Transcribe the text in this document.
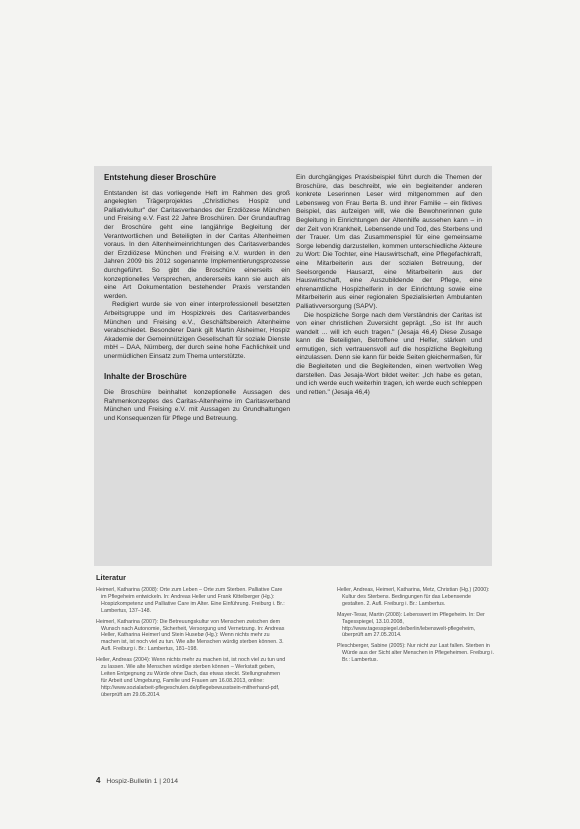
Entstehung dieser Broschüre

Entstanden ist das vorliegende Heft im Rahmen des groß angelegten Trägerprojektes „Christliches Hospiz und Palliativkultur" der Caritasverbandes der Erzdiözese München und Freising e.V. Fast 22 Jahre Broschüren. Der Grundauftrag der Broschüre geht eine langjährige Begleitung der Verantwortlichen und Beteiligten in der Caritas Altenheimen voraus. In den Altenheimeinrichtungen des Caritasverbandes der Erzdiözese München und Freising e.V. wurden in den Jahren 2009 bis 2012 sogenannte Implementierungsprozesse durchgeführt. So gibt die Broschüre einerseits ein konzeptionelles Versprechen, andererseits kann sie auch als eine Art Dokumentation bestehender Praxis verstanden werden.

Redigiert wurde sie von einer interprofessionell besetzten Arbeitsgruppe und im Hospizkreis des Caritasverbandes München und Freising e.V., Geschäftsbereich Altenheime verabschiedet. Besonderer Dank gilt Martin Alsheimer, Hospiz Akademie der Gemeinnützigen Gesellschaft für soziale Dienste mbH – DAA, Nürnberg, der durch seine hohe Fachlichkeit und unermüdlichen Einsatz zum Thema unterstützte.

Inhalte der Broschüre

Die Broschüre beinhaltet konzeptionelle Aussagen des Rahmenkonzeptes des Caritas-Altenheime im Caritasverband München und Freising e.V. mit Aussagen zu Grundhaltungen und Konsequenzen für Pflege und Betreuung.

Ein durchgängiges Praxisbeispiel führt durch die Themen der Broschüre, das beschreibt, wie ein begleitender anderen konkrete Leserinnen Leser wird mitgenommen auf den Lebensweg von Frau Berta B. und ihrer Familie – ein fiktives Beispiel, das aufzeigen will, wie die Bewohnerinnen gute Begleitung in Einrichtungen der Altenhilfe aussehen kann – in der Zeit von Krankheit, Lebensende und Tod, des Sterbens und der Trauer. Um das Zusammenspiel für eine gemeinsame Sorge lebendig darzustellen, kommen unterschiedliche Akteure zu Wort: Die Tochter, eine Hauswirtschaft, eine Pflegefachkraft, eine Mitarbeiterin aus der sozialen Betreuung, der Seelsorgende Hausarzt, eine Mitarbeiterin aus der Hauswirtschaft, eine Auszubildende der Pflege, eine ehrenamtliche Hospizhelferin in der Einrichtung sowie eine Mitarbeiterin aus einer regionalen Spezialisierten Ambulanten Palliativversorgung (SAPV).

Die hospizliche Sorge nach dem Verständnis der Caritas ist von einer christlichen Zuversicht geprägt. „So ist Ihr auch wandelt ... will ich euch tragen." (Jesaja 46,4) Diese Zusage kann die Beteiligten, Betroffene und Helfer, stärken und ermutigen, sich vertrauensvoll auf die hospizliche Begleitung einzulassen. Denn sie kann für beide Seiten gleichermaßen, für die Begleiteten und die Begleitenden, einen wertvollen Weg darstellen. Das Jesaja-Wort bildet weiter: „Ich habe es getan, und ich werde euch weiterhin tragen, ich werde euch schleppen und retten." (Jesaja 46,4)

Literatur

Heimerl, Katharina (2008): Orte zum Leben – Orte zum Sterben. Palliative Care im Pflegeheim entwickeln. In: Andreas Heller und Frank Kittelberger (Hg.): Hospizkompetenz und Palliative Care im Alter. Eine Einführung. Freiburg i. Br.: Lambertus, 137–148.

Heimerl, Katharina (2007): Die Betreuungskultur von Menschen zwischen dem Wunsch nach Autonomie, Sicherheit, Versorgung und Vernetzung. In: Andreas Heller, Katharina Heimerl und Stein Husebø (Hg.): Wenn nichts mehr zu machen ist, ist noch viel zu tun. Wie alte Menschen würdig sterben können. 3. Aufl. Freiburg i. Br.: Lambertus, 181–198.

Heller, Andreas (2004): Wenn nichts mehr zu machen ist, ist noch viel zu tun und zu lassen. Wie alte Menschen würdige sterben können – Werkstatt geben, Leiten Entgegnung zu Würde ohne Dach, das etwas steckt. Stellungnahmen für Arbeit und Umgebung, Familie und Frauen am 16.08.2013, online: http://www.sozialarbeit-pflegeschulen.de/pflegebewusstsein-mitherhand-pdf, überprüft am 29.05.2014.

Heller, Andreas, Heimerl, Katharina, Metz, Christian (Hg.) (2000): Kultur des Sterbens. Bedingungen für das Lebensende gestalten. 2. Aufl. Freiburg i. Br.: Lambertus.

Mayer-Tesar, Martin (2008): Lebenswert im Pflegeheim. In: Der Tagesspiegel, 13.10.2008, http://www.tagesspiegel.de/berlin/lebenswelt-pflegeheim, überprüft am 27.05.2014.

Pleschberger, Sabine (2005): Nur nicht zur Last fallen. Sterben in Würde aus der Sicht alter Menschen in Pflegeheimen. Freiburg i. Br.: Lambertus.

4 Hospiz-Bulletin 1 | 2014
